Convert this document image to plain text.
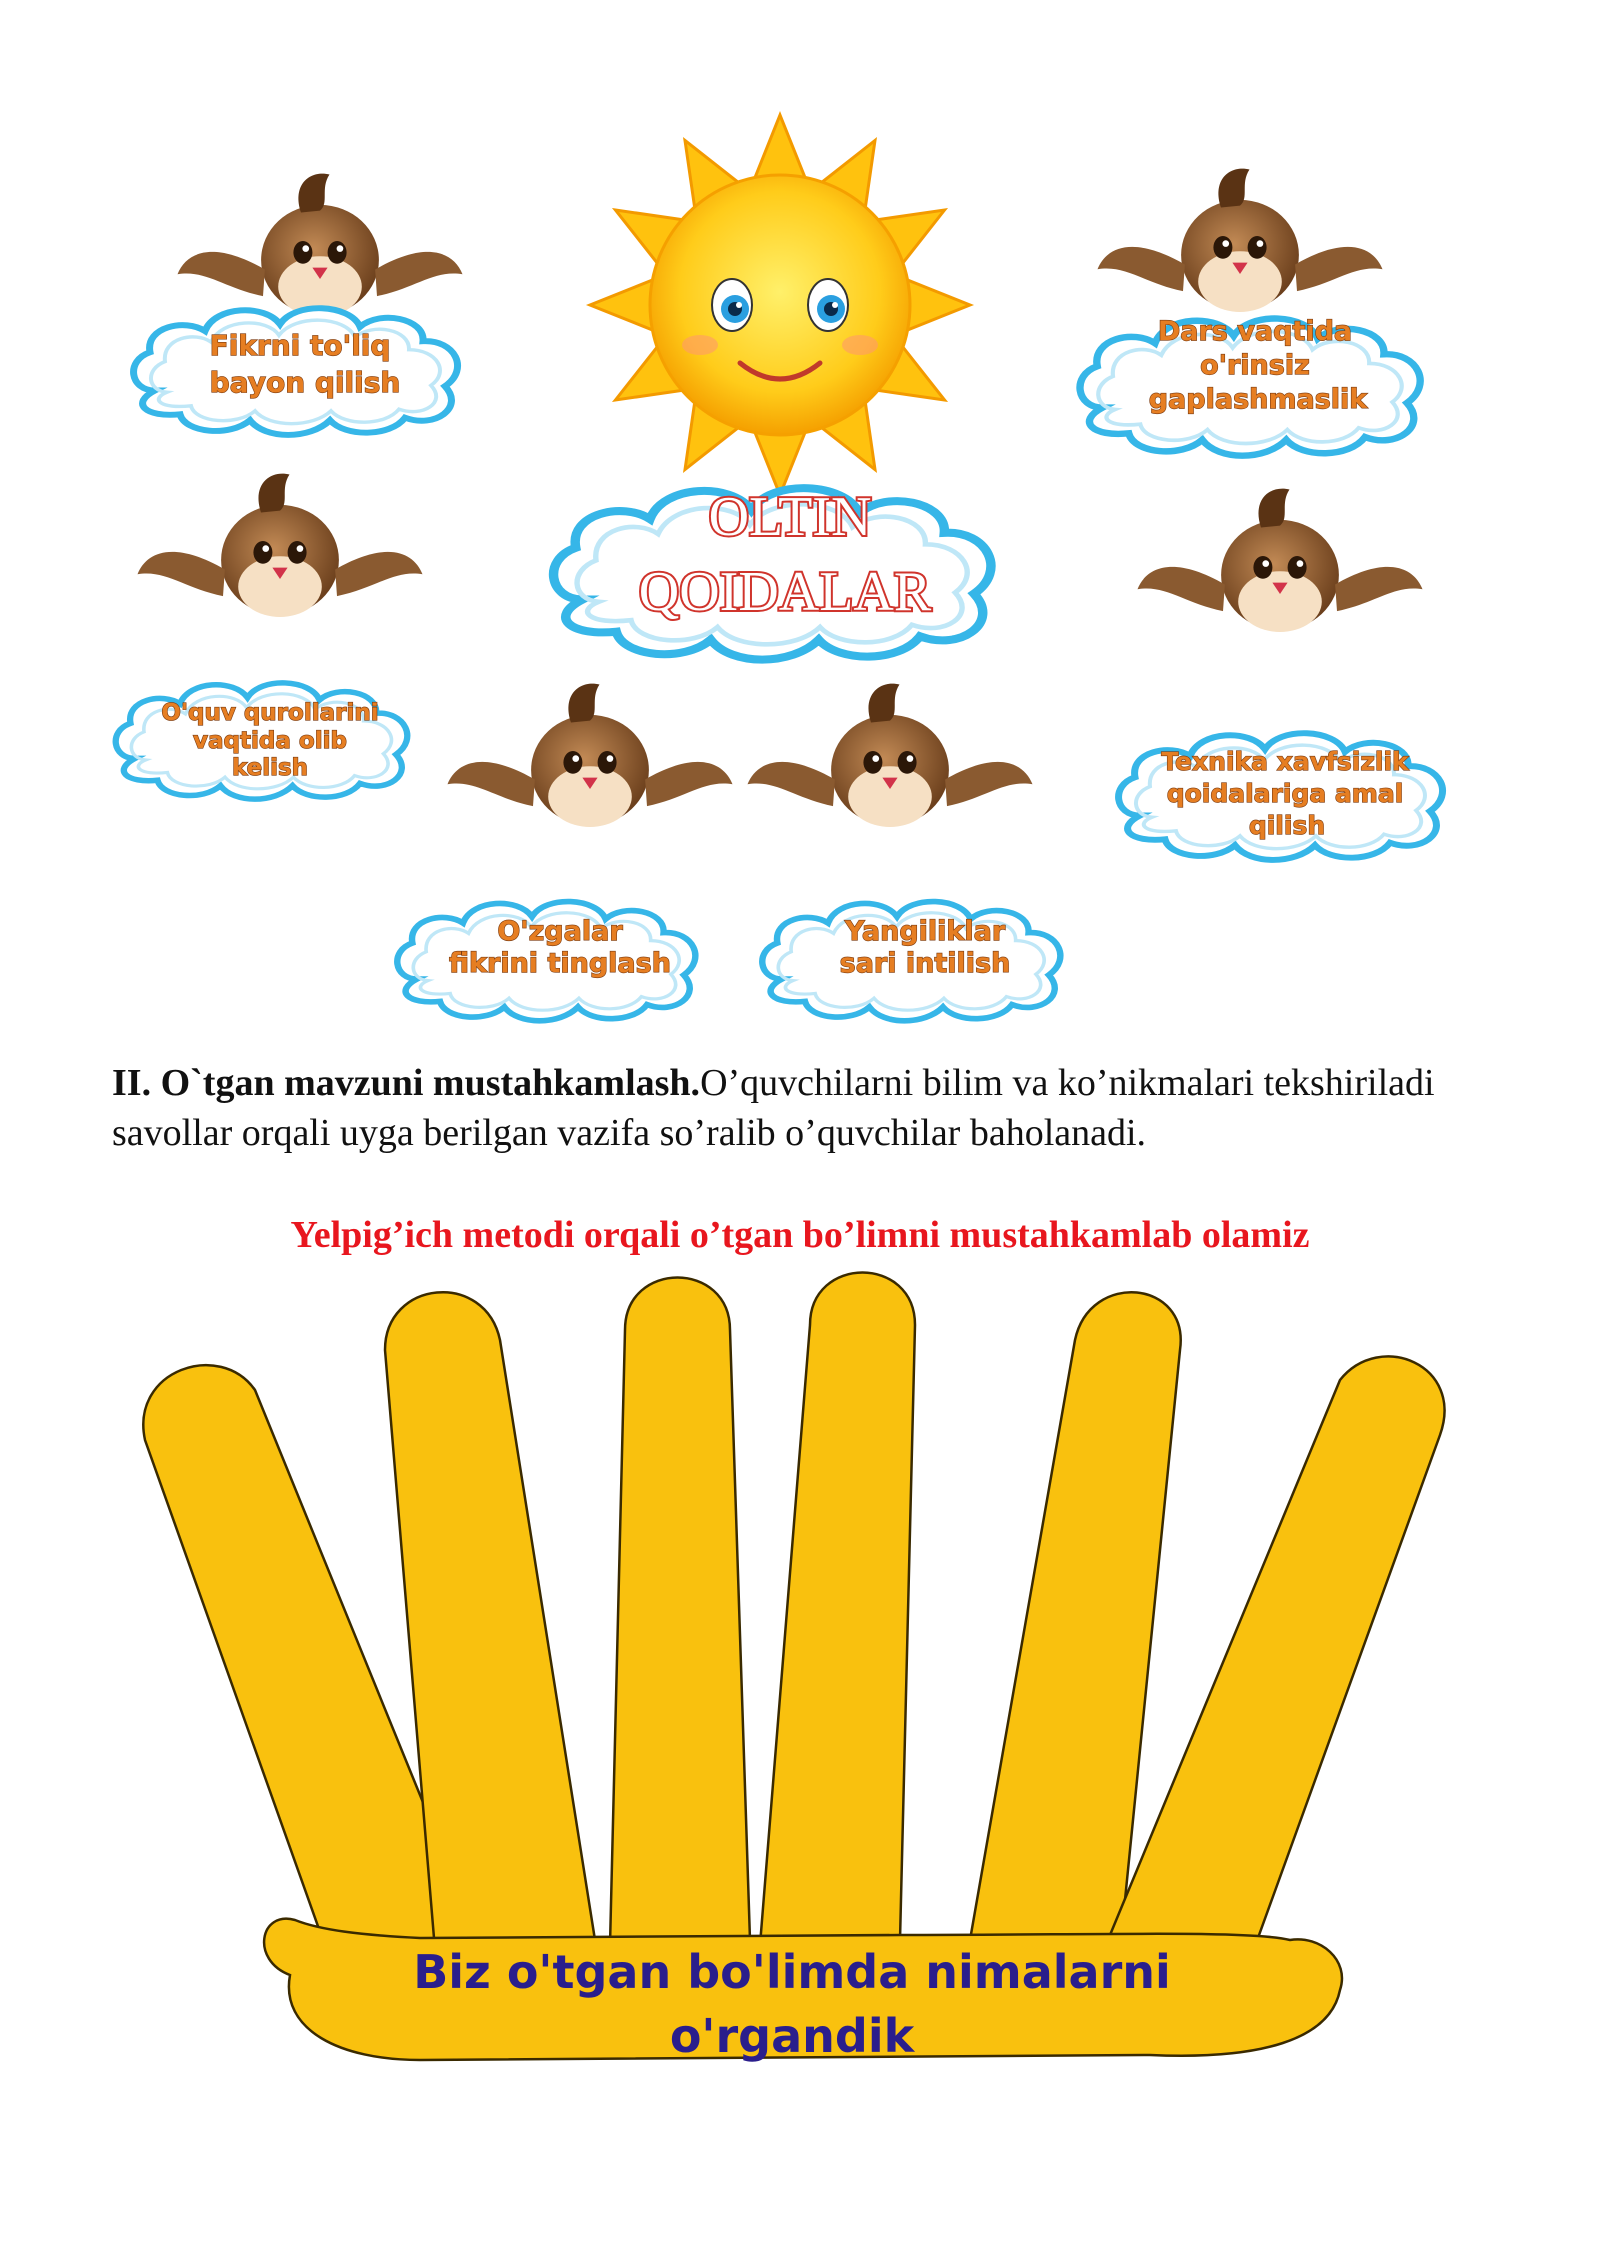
OLTIN
QOIDALAR
Fikrni to'liq
bayon qilish
Dars vaqtida
o'rinsiz
gaplashmaslik
O'quv qurollarini
vaqtida olib
kelish	Texnika xavfsizlik
qoidalariga amal
qilish
O'zgalar
fikrini tinglash
Yangiliklar
sari intilish
II. O`tgan mavzuni mustahkamlash.O’quvchilarni bilim va ko’nikmalari tekshiriladi savollar orqali uyga berilgan vazifa so’ralib o’quvchilar baholanadi.
Yelpig’ich metodi orqali o’tgan bo’limni mustahkamlab olamiz
Biz o'tgan bo'limda nimalarni
o'rgandik
